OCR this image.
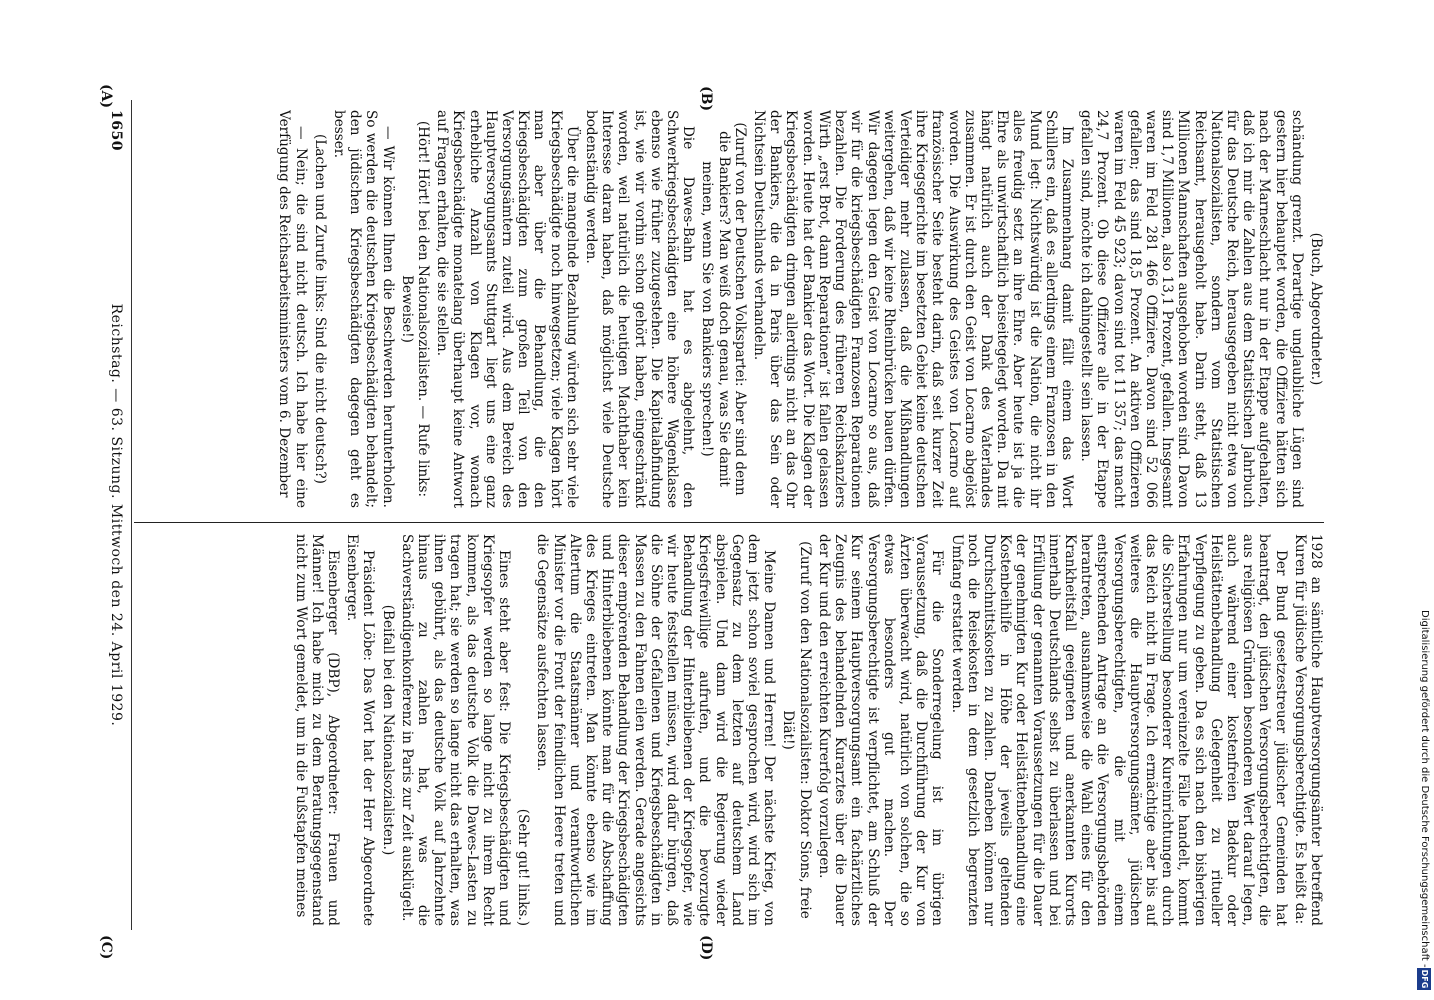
1650
Reichstag. — 63. Sitzung. Mittwoch den 24. April 1929.
(A)	(B)
(C)	(D)

(Buch, Abgeordneter.)

schändung grenzt. Derartige unglaubliche Lügen sind gestern hier behauptet worden, die Offiziere hätten sich nach der Marneschlacht nur in der Etappe aufgehalten, daß ich mir die Zahlen aus dem Statistischen Jahrbuch für das Deutsche Reich, herausgegeben nicht etwa von Nationalsozialisten, sondern vom Statistischen Reichsamt, herausgeholt habe. Darin steht, daß 13 Millionen Mannschaften ausgehoben worden sind. Davon sind 1,7 Millionen, also 13,1 Prozent, gefallen. Insgesamt waren im Feld 281 466 Offiziere. Davon sind 52 066 gefallen; das sind 18,5 Prozent. An aktiven Offizieren waren im Feld 45 923; davon sind tot 11 357; das macht 24,7 Prozent. Ob diese Offiziere alle in der Etappe gefallen sind, möchte ich dahingestellt sein lassen.

Im Zusammenhang damit fällt einem das Wort Schillers ein, daß es allerdings einem Franzosen in den Mund legt: Nichtswürdig ist die Nation, die nicht ihr alles freudig setzt an ihre Ehre. Aber heute ist ja die Ehre als unwirtschaftlich beiseitegelegt worden. Da mit hängt natürlich auch der Dank des Vaterlandes zusammen. Er ist durch den Geist von Locarno abgelöst worden. Die Auswirkung des Geistes von Locarno auf französischer Seite besteht darin, daß seit kurzer Zeit ihre Kriegsgerichte im besetzten Gebiet keine deutschen Verteidiger mehr zulassen, daß die Mißhandlungen weitergehen, daß wir keine Rheinbrücken bauen dürfen. Wir dagegen legen den Geist von Locarno so aus, daß wir für die kriegsbeschädigten Franzosen Reparationen bezahlen. Die Forderung des früheren Reichskanzlers Wirth „erst Brot, dann Reparationen“ ist fallen gelassen worden. Heute hat der Bankier das Wort. Die Klagen der Kriegsbeschädigten dringen allerdings nicht an das Ohr der Bankiers, die da in Paris über das Sein oder Nichtsein Deutschlands verhandeln.

(Zuruf von der Deutschen Volkspartei: Aber sind denn die Bankiers? Man weiß doch genau, was Sie damit meinen, wenn Sie von Bankiers sprechen!)

Die Dawes-Bahn hat es abgelehnt, den Schwerkriegsbeschädigten eine höhere Wagenklasse ebenso wie früher zuzugestehen. Die Kapitalabfindung ist, wie wir vorhin schon gehört haben, eingeschränkt worden, weil natürlich die heutigen Machthaber kein Interesse daran haben, daß möglichst viele Deutsche bodenständig werden.

Über die mangelnde Bezahlung würden sich sehr viele Kriegsbeschädigte noch hinwegsetzen; viele Klagen hört man aber über die Behandlung, die den Kriegsbeschädigten zum großen Teil von den Versorgungsämtern zuteil wird. Aus dem Bereich des Hauptversorgungsamts Stuttgart liegt uns eine ganz erhebliche Anzahl von Klagen vor, wonach Kriegsbeschädigte monatelang überhaupt keine Antwort auf Fragen erhalten, die sie stellen.

(Hört! Hört! bei den Nationalsozialisten. — Rufe links: Beweise!)

— Wir können Ihnen die Beschwerden herunterholen. So werden die deutschen Kriegsbeschädigten behandelt; den jüdischen Kriegsbeschädigten dagegen geht es besser.

(Lachen und Zurufe links: Sind die nicht deutsch?)

— Nein; die sind nicht deutsch. Ich habe hier eine Verfügung des Reichsarbeitsministers vom 6. Dezember

1928 an sämtliche Hauptversorgungsämter betreffend Kuren für jüdische Versorgungsberechtigte. Es heißt da:

Der Bund gesetzestreuer jüdischer Gemeinden hat beantragt, den jüdischen Versorgungsberechtigten, die aus religiösen Gründen besonderen Wert darauf legen, auch während einer kostenfreien Badekur oder Heilstättenbehandlung Gelegenheit zu ritueller Verpflegung zu geben. Da es sich nach den bisherigen Erfahrungen nur um vereinzelte Fälle handelt, kommt die Sicherstellung besonderer Kureinrichtungen durch das Reich nicht in Frage. Ich ermächtige aber bis auf weiteres die Hauptversorgungsämter, jüdischen Versorgungsberechtigten, die mit einem entsprechenden Antrage an die Versorgungsbehörden herantreten, ausnahmsweise die Wahl eines für den Krankheitsfall geeigneten und anerkannten Kurorts innerhalb Deutschlands selbst zu überlassen und bei Erfüllung der genannten Voraussetzungen für die Dauer der genehmigten Kur oder Heilstättenbehandlung eine Kostenbeihilfe in Höhe der jeweils geltenden Durchschnittskosten zu zahlen. Daneben können nur noch die Reisekosten in dem gesetzlich begrenzten Umfang erstattet werden.

Für die Sonderregelung ist im übrigen Voraussetzung, daß die Durchführung der Kur von Ärzten überwacht wird, natürlich von solchen, die so etwas besonders gut machen. Der Versorgungsberechtigte ist verpflichtet, am Schluß der Kur seinem Hauptversorgungsamt ein fachärztliches Zeugnis des behandelnden Kurarztes über die Dauer der Kur und den erreichten Kurerfolg vorzulegen.

(Zuruf von den Nationalsozialisten: Doktor Sions, freie Diät!)

Meine Damen und Herren! Der nächste Krieg, von dem jetzt schon soviel gesprochen wird, wird sich im Gegensatz zu dem letzten auf deutschem Land abspielen. Und dann wird die Regierung wieder Kriegsfreiwillige aufrufen, und die bevorzugte Behandlung der Hinterbliebenen der Kriegsopfer, wie wir heute feststellen müssen, wird dafür bürgen, daß die Söhne der Gefallenen und Kriegsbeschädigten in Massen zu den Fahnen eilen werden. Gerade angesichts dieser empörenden Behandlung der Kriegsbeschädigten und Hinterbliebenen könnte man für die Abschaffung des Krieges eintreten. Man könnte ebenso wie im Altertum die Staatsmänner und verantwortlichen Minister vor die Front der feindlichen Heere treten und die Gegensätze ausfechten lassen.

(Sehr gut! links.)

Eines steht aber fest: Die Kriegsbeschädigten und Kriegsopfer werden so lange nicht zu ihrem Recht kommen, als das deutsche Volk die Dawes-Lasten zu tragen hat; sie werden so lange nicht das erhalten, was ihnen gebührt, als das deutsche Volk auf Jahrzehnte hinaus zu zahlen hat, was die Sachverständigenkonferenz in Paris zur Zeit ausklügelt.

(Beifall bei den Nationalsozialisten.)

Präsident Löbe: Das Wort hat der Herr Abgeordnete Eisenberger.

Eisenberger (DBP), Abgeordneter: Frauen und Männer! Ich habe mich zu dem Beratungsgegenstand nicht zum Wort gemeldet, um in die Fußstapfen meines	Digitalisierung gefördert durch die Deutsche Forschungsgemeinschaft -
DFG
